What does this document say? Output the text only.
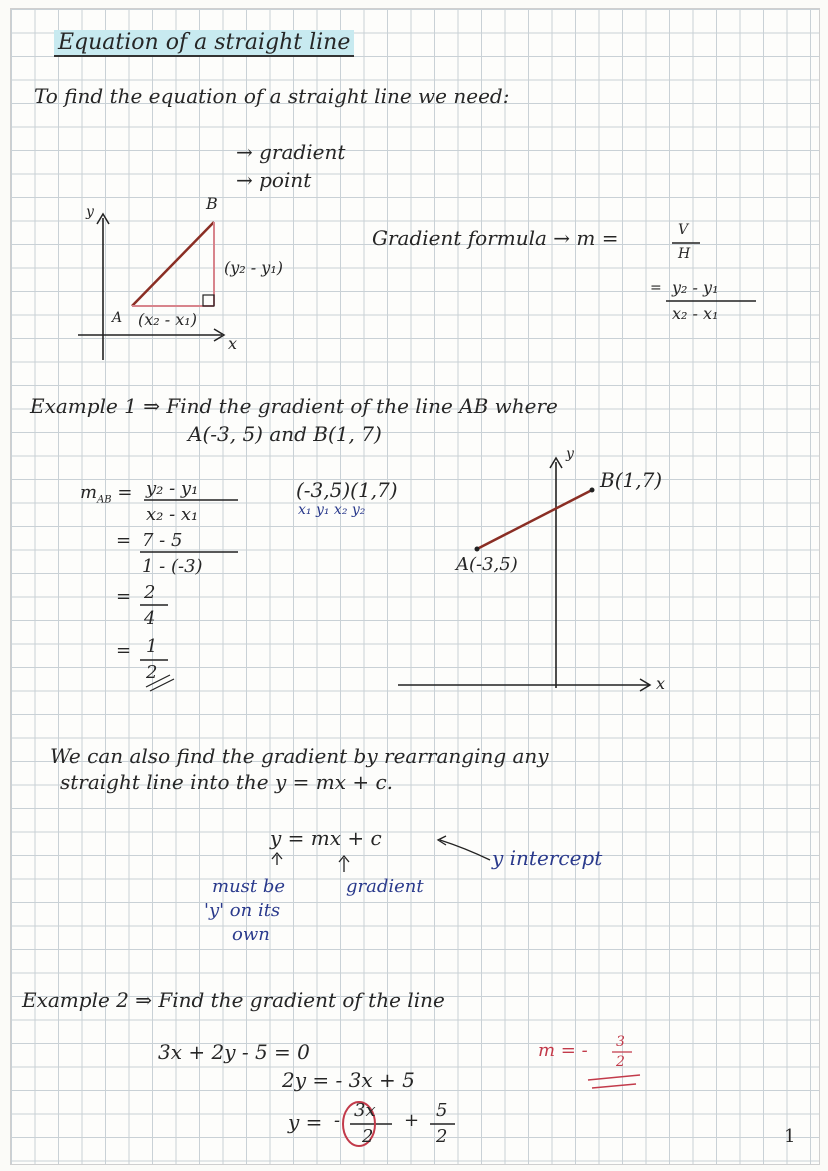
Equation of a straight line
To find the equation of a straight line we need:
→ gradient
→ point
y	B
A
(y₂ - y₁)
(x₂ - x₁)
x
Gradient formula → m =	V
H
= y₂ - y₁
x₂ - x₁
Example 1 ⇒ Find the gradient of the line AB where
A(-3, 5) and B(1, 7)
$m_{AB} = y_2 - y_1$
x₂ - x₁
= 7 - 5
1 - (-3)
= 2
4
= 1
2
(-3,5)(1,7)
x₁ y₁ x₂ y₂
y
B(1,7)
A(-3,5)
x
We can also find the gradient by rearranging any
straight line into the y = mx + c.
y = mx + c
must be
'y' on its
own
gradient
y intercept
Example 2 ⇒ Find the gradient of the line
3x + 2y - 5 = 0
2y = - 3x + 5
y = - 3x
2
+ 5
2
m = - 3
2
1
